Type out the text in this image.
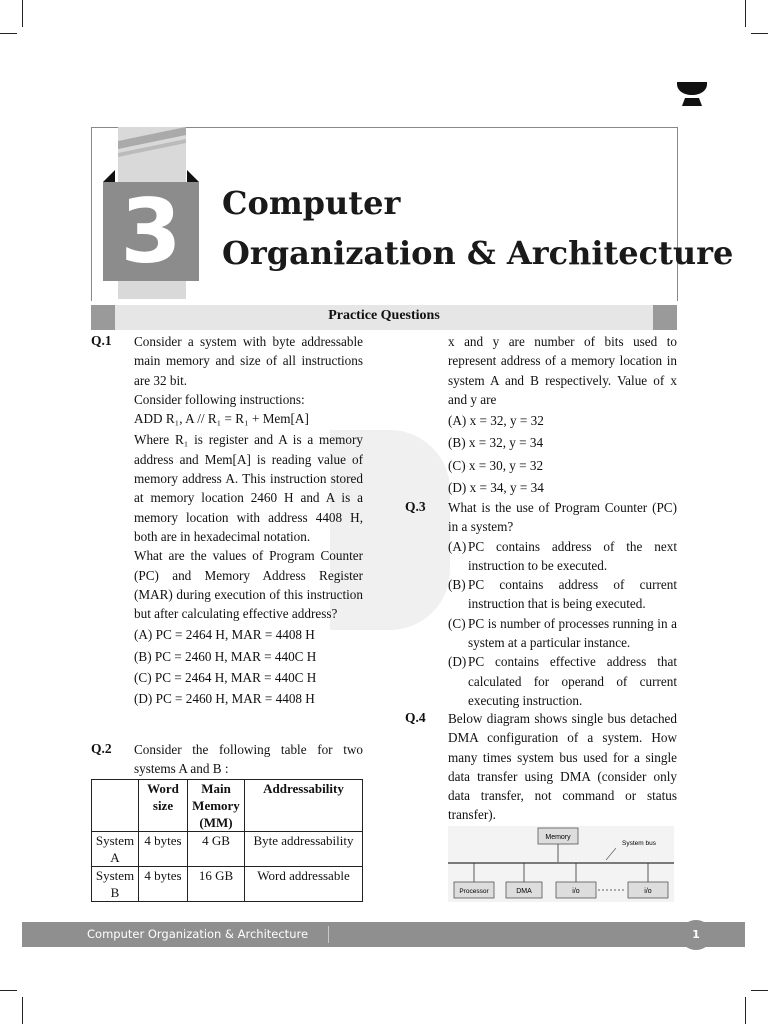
3	Computer
Organization & Architecture
Practice Questions
Q.1 Consider a system with byte addressable main memory and size of all instructions are 32 bit.

Consider following instructions:

ADD R₁, A // R₁ = R₁ + Mem[A]

Where R₁ is register and A is a memory address and Mem[A] is reading value of memory address A. This instruction stored at memory location 2460 H and A is a memory location with address 4408 H, both are in hexadecimal notation.

What are the values of Program Counter (PC) and Memory Address Register (MAR) during execution of this instruction but after calculating effective address?

(A) PC = 2464 H, MAR = 4408 H

(B) PC = 2460 H, MAR = 440C H

(C) PC = 2464 H, MAR = 440C H

(D) PC = 2460 H, MAR = 4408 H

Q.2 Consider the following table for two systems A and B :
	Word size	Main Memory (MM)	Addressability
System A	4 bytes	4 GB	Byte addressability
System B	4 bytes	16 GB	Word addressable

x and y are number of bits used to represent address of a memory location in system A and B respectively. Value of x and y are

(A) x = 32, y = 32

(B) x = 32, y = 34

(C) x = 30, y = 32

(D) x = 34, y = 34

Q.3 What is the use of Program Counter (PC) in a system?

(A) PC contains address of the next instruction to be executed.
(B) PC contains address of current instruction that is being executed.
(C) PC is number of processes running in a system at a particular instance.
(D) PC contains effective address that calculated for operand of current executing instruction.
Q.4 Below diagram shows single bus detached DMA configuration of a system. How many times system bus used for a single data transfer using DMA (consider only data transfer, not command or status transfer).
Memory
System bus
Processor	DMA	i/o	i/o
Computer Organization & Architecture	1
